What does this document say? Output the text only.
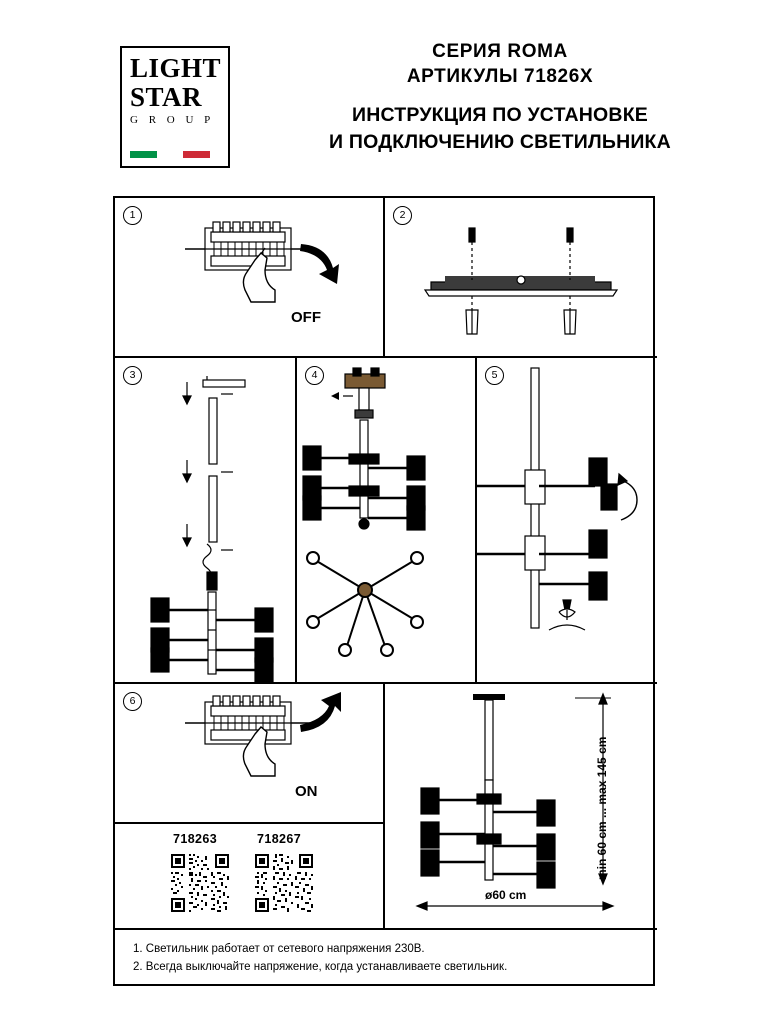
LIGHT
STAR
G R O U P
СЕРИЯ ROMA
АРТИКУЛЫ 71826X
ИНСТРУКЦИЯ ПО УСТАНОВКЕ
И ПОДКЛЮЧЕНИЮ СВЕТИЛЬНИКА
1
OFF
2
3	4	5
6
ON
718263	718267	min 60 cm ... max 145 cm
ø60 cm
1. Светильник работает от сетевого напряжения 230В.
2. Всегда выключайте напряжение, когда устанавливаете светильник.
